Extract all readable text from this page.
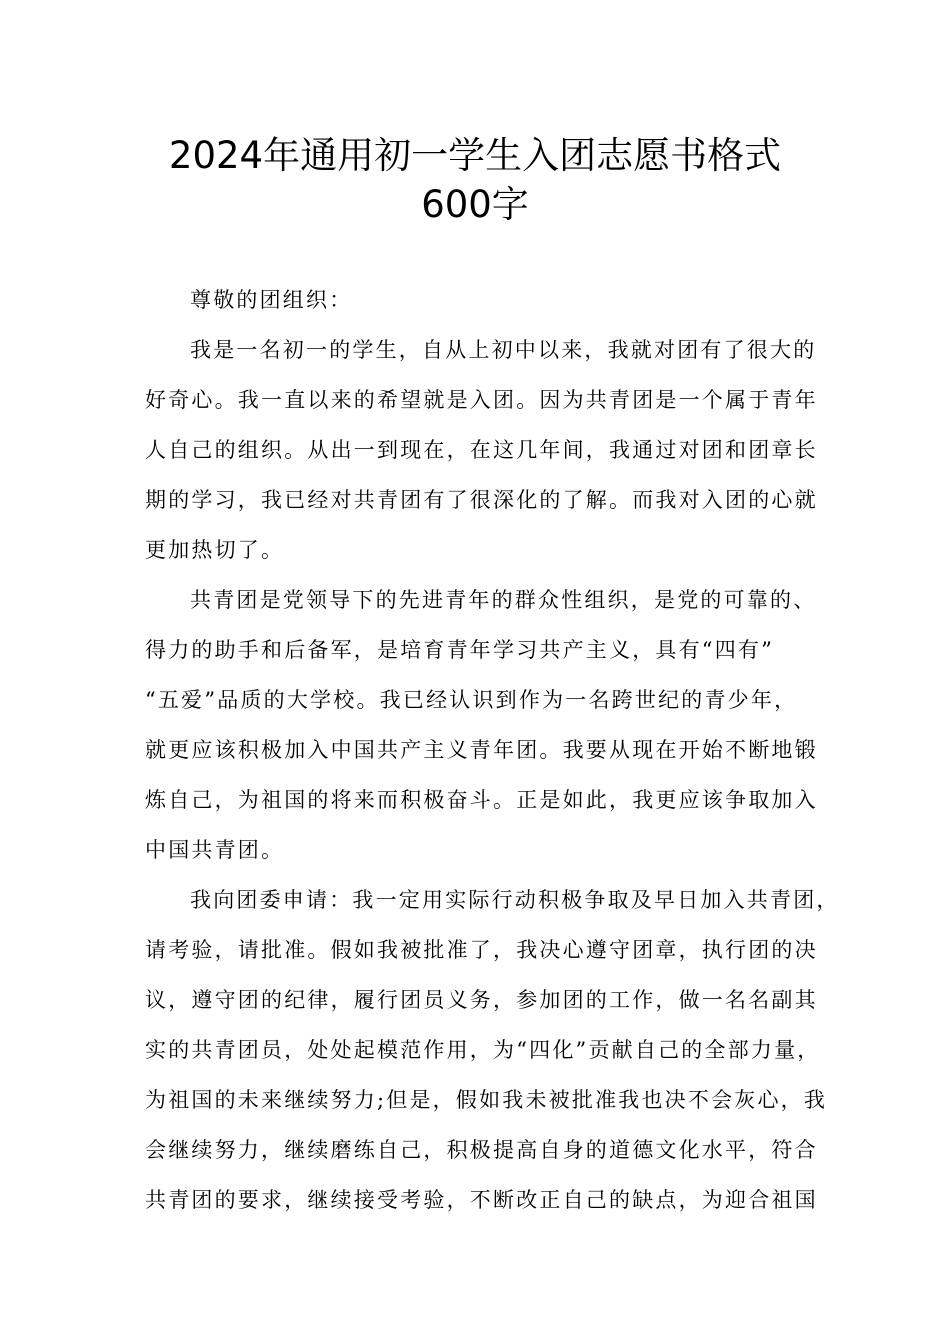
2024年通用初一学生入团志愿书格式
600字
尊敬的团组织：
我是一名初一的学生，自从上初中以来，我就对团有了很大的
好奇心。我一直以来的希望就是入团。因为共青团是一个属于青年
人自己的组织。从出一到现在，在这几年间，我通过对团和团章长
期的学习，我已经对共青团有了很深化的了解。而我对入团的心就
更加热切了。
共青团是党领导下的先进青年的群众性组织，是党的可靠的、
得力的助手和后备军，是培育青年学习共产主义，具有“四有”
“五爱”品质的大学校。我已经认识到作为一名跨世纪的青少年，
就更应该积极加入中国共产主义青年团。我要从现在开始不断地锻
炼自己，为祖国的将来而积极奋斗。正是如此，我更应该争取加入
中国共青团。
我向团委申请：我一定用实际行动积极争取及早日加入共青团，
请考验，请批准。假如我被批准了，我决心遵守团章，执行团的决
议，遵守团的纪律，履行团员义务，参加团的工作，做一名名副其
实的共青团员，处处起模范作用，为“四化”贡献自己的全部力量，
为祖国的未来继续努力;但是，假如我未被批准我也决不会灰心，我
会继续努力，继续磨练自己，积极提高自身的道德文化水平，符合
共青团的要求，继续接受考验，不断改正自己的缺点，为迎合祖国
